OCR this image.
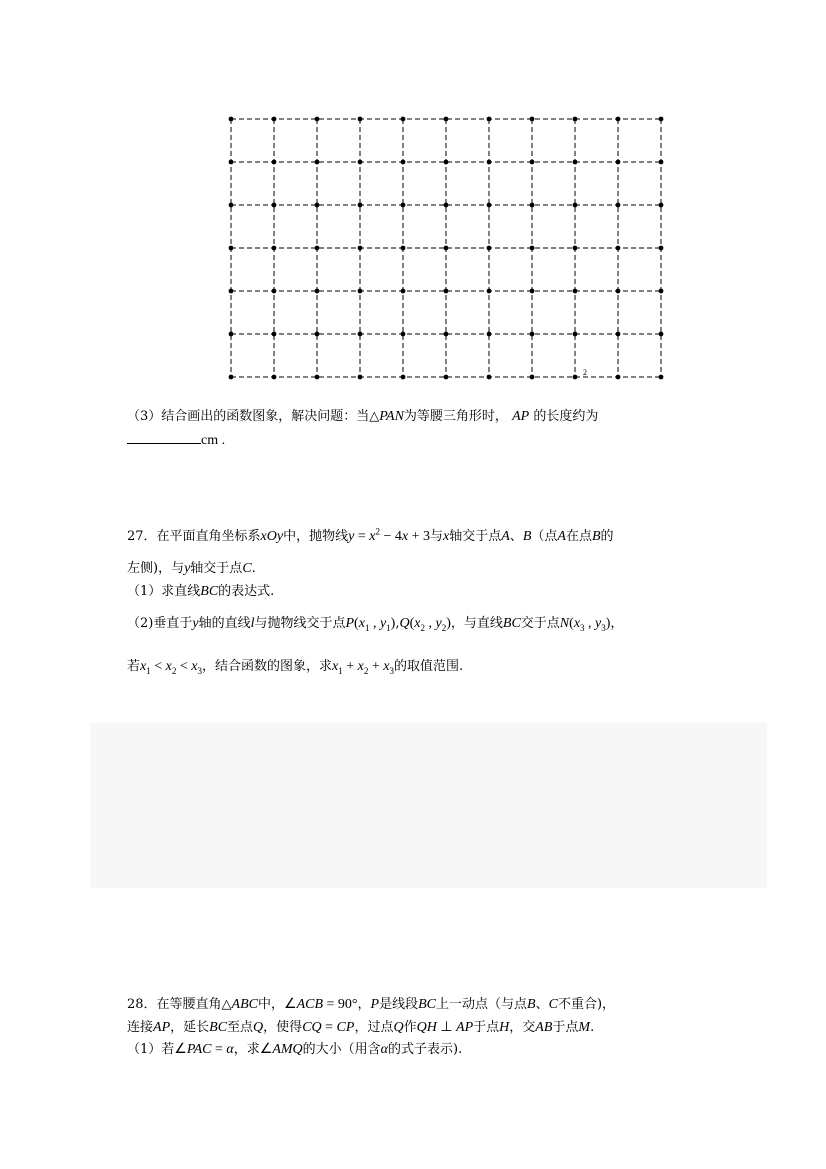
2
（3）结合画出的函数图象，解决问题：当△PAN为等腰三角形时， AP 的长度约为
cm .
27．在平面直角坐标系xOy中，抛物线$y = x^2 - 4x + 3$与x轴交于点A、B（点A在点B的
左侧)，与y轴交于点C.
（1）求直线BC的表达式.
（2)垂直于y轴的直线l与抛物线交于点$P(x_1$ , $y_1),Q(x_2$ , $y_2$)，与直线BC交于点$N(x_3$ , $y_3$)，
若$x_1 < x_2 < x_3$，结合函数的图象，求$x_1 + x_2 + x_3$的取值范围.
28．在等腰直角△ABC中，∠ACB = 90°，P是线段BC上一动点（与点B、C不重合)，
连接AP，延长BC至点Q，使得CQ = CP，过点Q作QH ⊥ AP于点H，交AB于点M.
（1）若∠PAC = α，求∠AMQ的大小（用含α的式子表示).
